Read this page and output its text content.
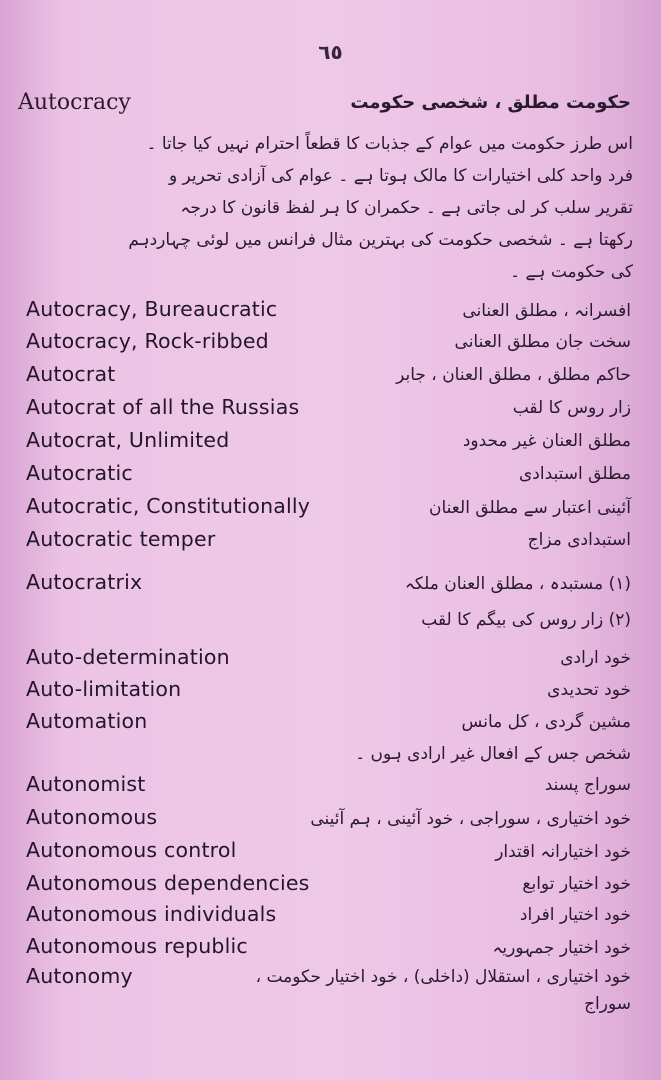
٦٥
Autocracy	حکومت مطلق ، شخصی حکومت
اس طرز حکومت میں عوام کے جذبات کا قطعاً احترام نہیں کیا جاتا ۔
فرد واحد کلی اختیارات کا مالک ہوتا ہے ۔ عوام کی آزادی تحریر و
تقریر سلب کر لی جاتی ہے ۔ حکمران کا ہر لفظ قانون کا درجہ
رکھتا ہے ۔ شخصی حکومت کی بہترین مثال فرانس میں لوئی چہاردہم
کی حکومت ہے ۔
Autocracy, Bureaucratic	افسرانہ ، مطلق العنانی
Autocracy, Rock-ribbed	سخت جان مطلق العنانی
Autocrat	حاکم مطلق ، مطلق العنان ، جابر
Autocrat of all the Russias	زار روس کا لقب
Autocrat, Unlimited	مطلق العنان غیر محدود
Autocratic	مطلق استبدادی
Autocratic, Constitutionally	آئینی اعتبار سے مطلق العنان
Autocratic temper	استبدادی مزاج
Autocratrix	(۱) مستبدہ ، مطلق العنان ملکہ
(۲) زار روس کی بیگم کا لقب
Auto-determination	خود ارادی
Auto-limitation	خود تحدیدی
Automation	مشین گردی ، کل مانس
شخص جس کے افعال غیر ارادی ہوں ۔
Autonomist	سوراج پسند
Autonomous	خود اختیاری ، سوراجی ، خود آئینی ، ہم آئینی
Autonomous control	خود اختیارانہ اقتدار
Autonomous dependencies	خود اختیار توابع
Autonomous individuals	خود اختیار افراد
Autonomous republic	خود اختیار جمہوریہ
Autonomy	خود اختیاری ، استقلال (داخلی) ، خود اختیار حکومت ،
سوراج
